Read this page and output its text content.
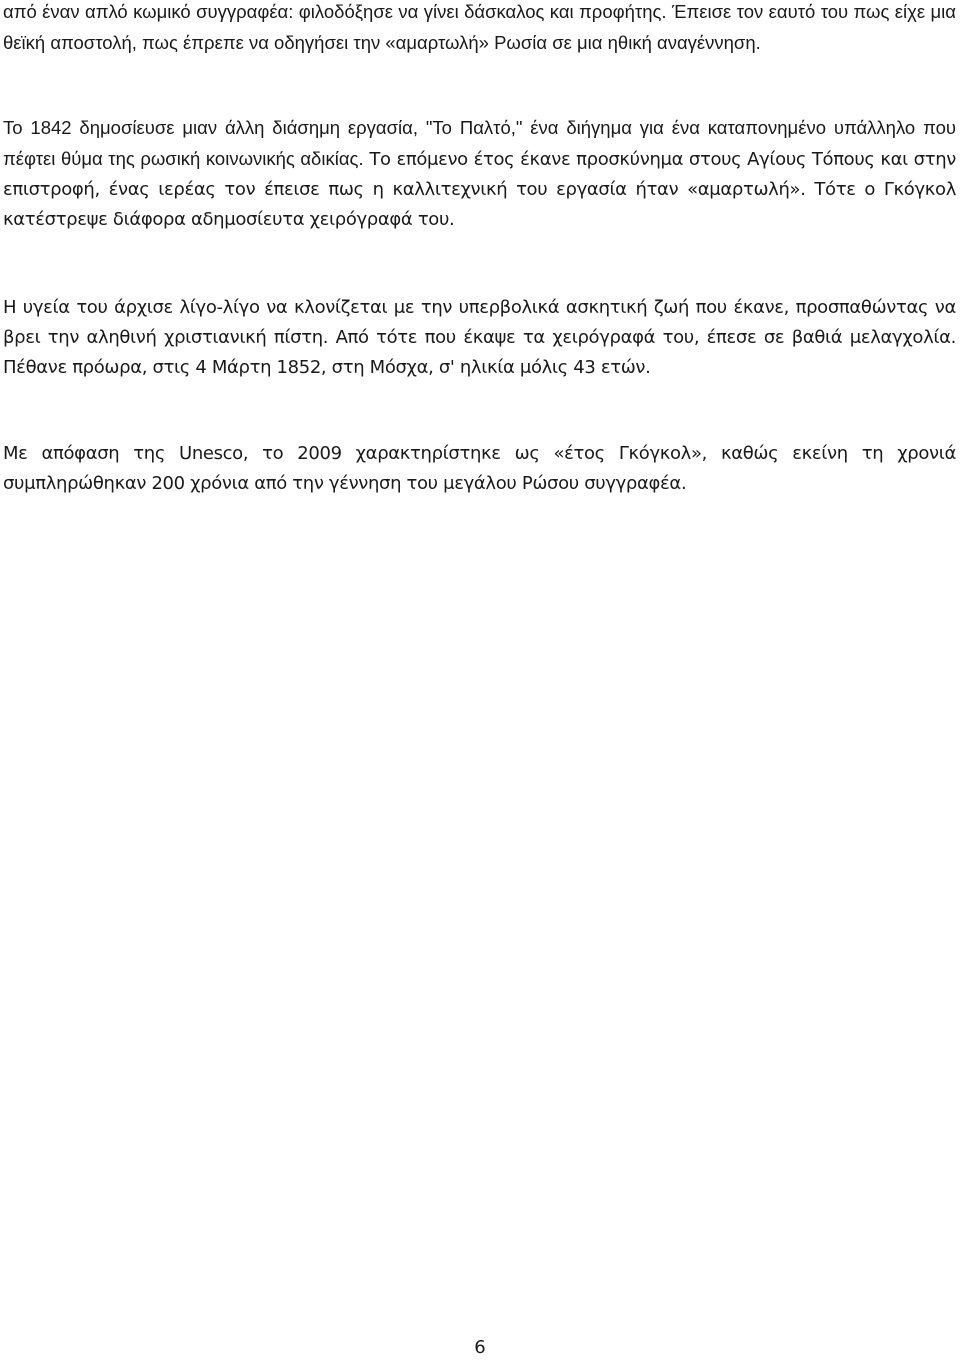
από έναν απλό κωμικό συγγραφέα: φιλοδόξησε να γίνει δάσκαλος και προφήτης. Έπεισε τον εαυτό του πως είχε μια θεϊκή αποστολή, πως έπρεπε να οδηγήσει την «αμαρτωλή» Ρωσία σε μια ηθική αναγέννηση.

Το 1842 δημοσίευσε μιαν άλλη διάσημη εργασία, "Το Παλτό," ένα διήγημα για ένα καταπονημένο υπάλληλο που πέφτει θύμα της ρωσική κοινωνικής αδικίας. Το επόμενο έτος έκανε προσκύνημα στους Αγίους Τόπους και στην επιστροφή, ένας ιερέας τον έπεισε πως η καλλιτεχνική του εργασία ήταν «αμαρτωλή». Τότε ο Γκόγκολ κατέστρεψε διάφορα αδημοσίευτα χειρόγραφά του.

Η υγεία του άρχισε λίγο-λίγο να κλονίζεται με την υπερβολικά ασκητική ζωή που έκανε, προσπαθώντας να βρει την αληθινή χριστιανική πίστη. Από τότε που έκαψε τα χειρόγραφά του, έπεσε σε βαθιά μελαγχολία. Πέθανε πρόωρα, στις 4 Μάρτη 1852, στη Μόσχα, σ' ηλικία μόλις 43 ετών.

Με απόφαση της Unesco, το 2009 χαρακτηρίστηκε ως «έτος Γκόγκολ», καθώς εκείνη τη χρονιά συμπληρώθηκαν 200 χρόνια από την γέννηση του μεγάλου Ρώσου συγγραφέα.

6
